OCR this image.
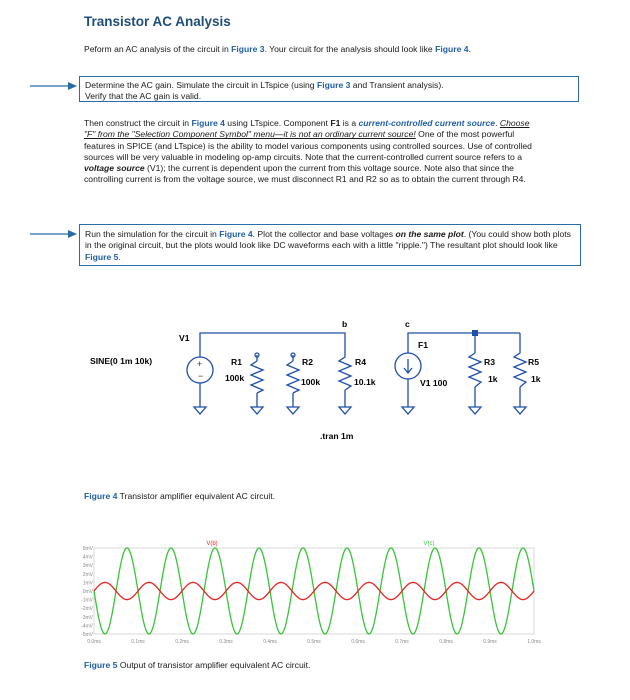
Transistor AC Analysis
Peform an AC analysis of the circuit in Figure 3. Your circuit for the analysis should look like Figure 4.
Determine the AC gain. Simulate the circuit in LTspice (using Figure 3 and Transient analysis).
Verify that the AC gain is valid.
Then construct the circuit in Figure 4 using LTspice. Component F1 is a current-controlled current source. Choose "F" from the "Selection Component Symbol" menu—it is not an ordinary current source! One of the most powerful features in SPICE (and LTspice) is the ability to model various components using controlled sources. Use of controlled sources will be very valuable in modeling op-amp circuits. Note that the current-controlled current source refers to a voltage source (V1); the current is dependent upon the current from this voltage source. Note also that since the controlling current is from the voltage source, we must disconnect R1 and R2 so as to obtain the current through R4.
Run the simulation for the circuit in Figure 4. Plot the collector and base voltages on the same plot. (You could show both plots in the original circuit, but the plots would look like DC waveforms each with a little "ripple.") The resultant plot should look like Figure 5.
+
−
SINE(0 1m 10k)
V1
R1
100k
R2
100k
R4
10.1k
b	c
F1
V1 100
R3
1k
R5
1k
.tran 1m
Figure 4 Transistor amplifier equivalent AC circuit.
5mV
4mV
3mV
2mV
1mV
0mV
-1mV
-2mV
-3mV
-4mV
-5mV
0.0ms	0.1ms	0.2ms	0.3ms	0.4ms	0.5ms	0.6ms	0.7ms	0.8ms	0.9ms	1.0ms
V(b)	V(c)
Figure 5 Output of transistor amplifier equivalent AC circuit.
